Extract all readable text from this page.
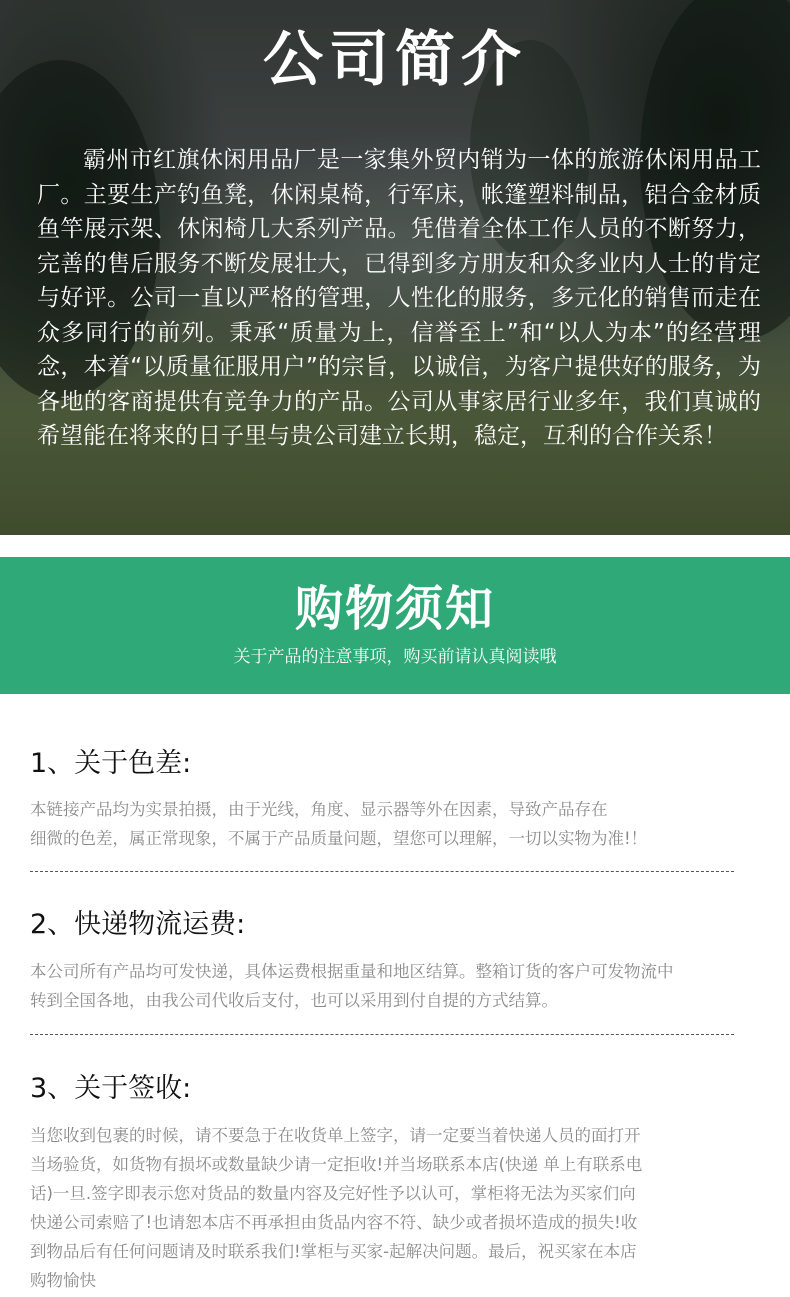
公司简介

霸州市红旗休闲用品厂是一家集外贸内销为一体的旅游休闲用品工厂。主要生产钓鱼凳，休闲桌椅，行军床，帐篷塑料制品，铝合金材质鱼竿展示架、休闲椅几大系列产品。凭借着全体工作人员的不断努力，完善的售后服务不断发展壮大，已得到多方朋友和众多业内人士的肯定与好评。公司一直以严格的管理，人性化的服务，多元化的销售而走在众多同行的前列。秉承“质量为上，信誉至上”和“以人为本”的经营理念，本着“以质量征服用户”的宗旨，以诚信，为客户提供好的服务，为各地的客商提供有竞争力的产品。公司从事家居行业多年，我们真诚的希望能在将来的日子里与贵公司建立长期，稳定，互利的合作关系！

购物须知
关于产品的注意事项，购买前请认真阅读哦
1、关于色差:
本链接产品均为实景拍摄，由于光线，角度、显示器等外在因素，导致产品存在
细微的色差，属正常现象，不属于产品质量问题，望您可以理解，一切以实物为准!！
2、快递物流运费:
本公司所有产品均可发快递，具体运费根据重量和地区结算。整箱订货的客户可发物流中
转到全国各地，由我公司代收后支付，也可以采用到付自提的方式结算。
3、关于签收:
当您收到包裹的时候，请不要急于在收货单上签字，请一定要当着快递人员的面打开
当场验货，如货物有损坏或数量缺少请一定拒收!并当场联系本店(快递 单上有联系电
话)一旦.签字即表示您对货品的数量内容及完好性予以认可，掌柜将无法为买家们向
快递公司索赔了!也请恕本店不再承担由货品内容不符、缺少或者损坏造成的损失!收
到物品后有任何问题请及时联系我们!掌柜与买家-起解决问题。最后，祝买家在本店
购物愉快
